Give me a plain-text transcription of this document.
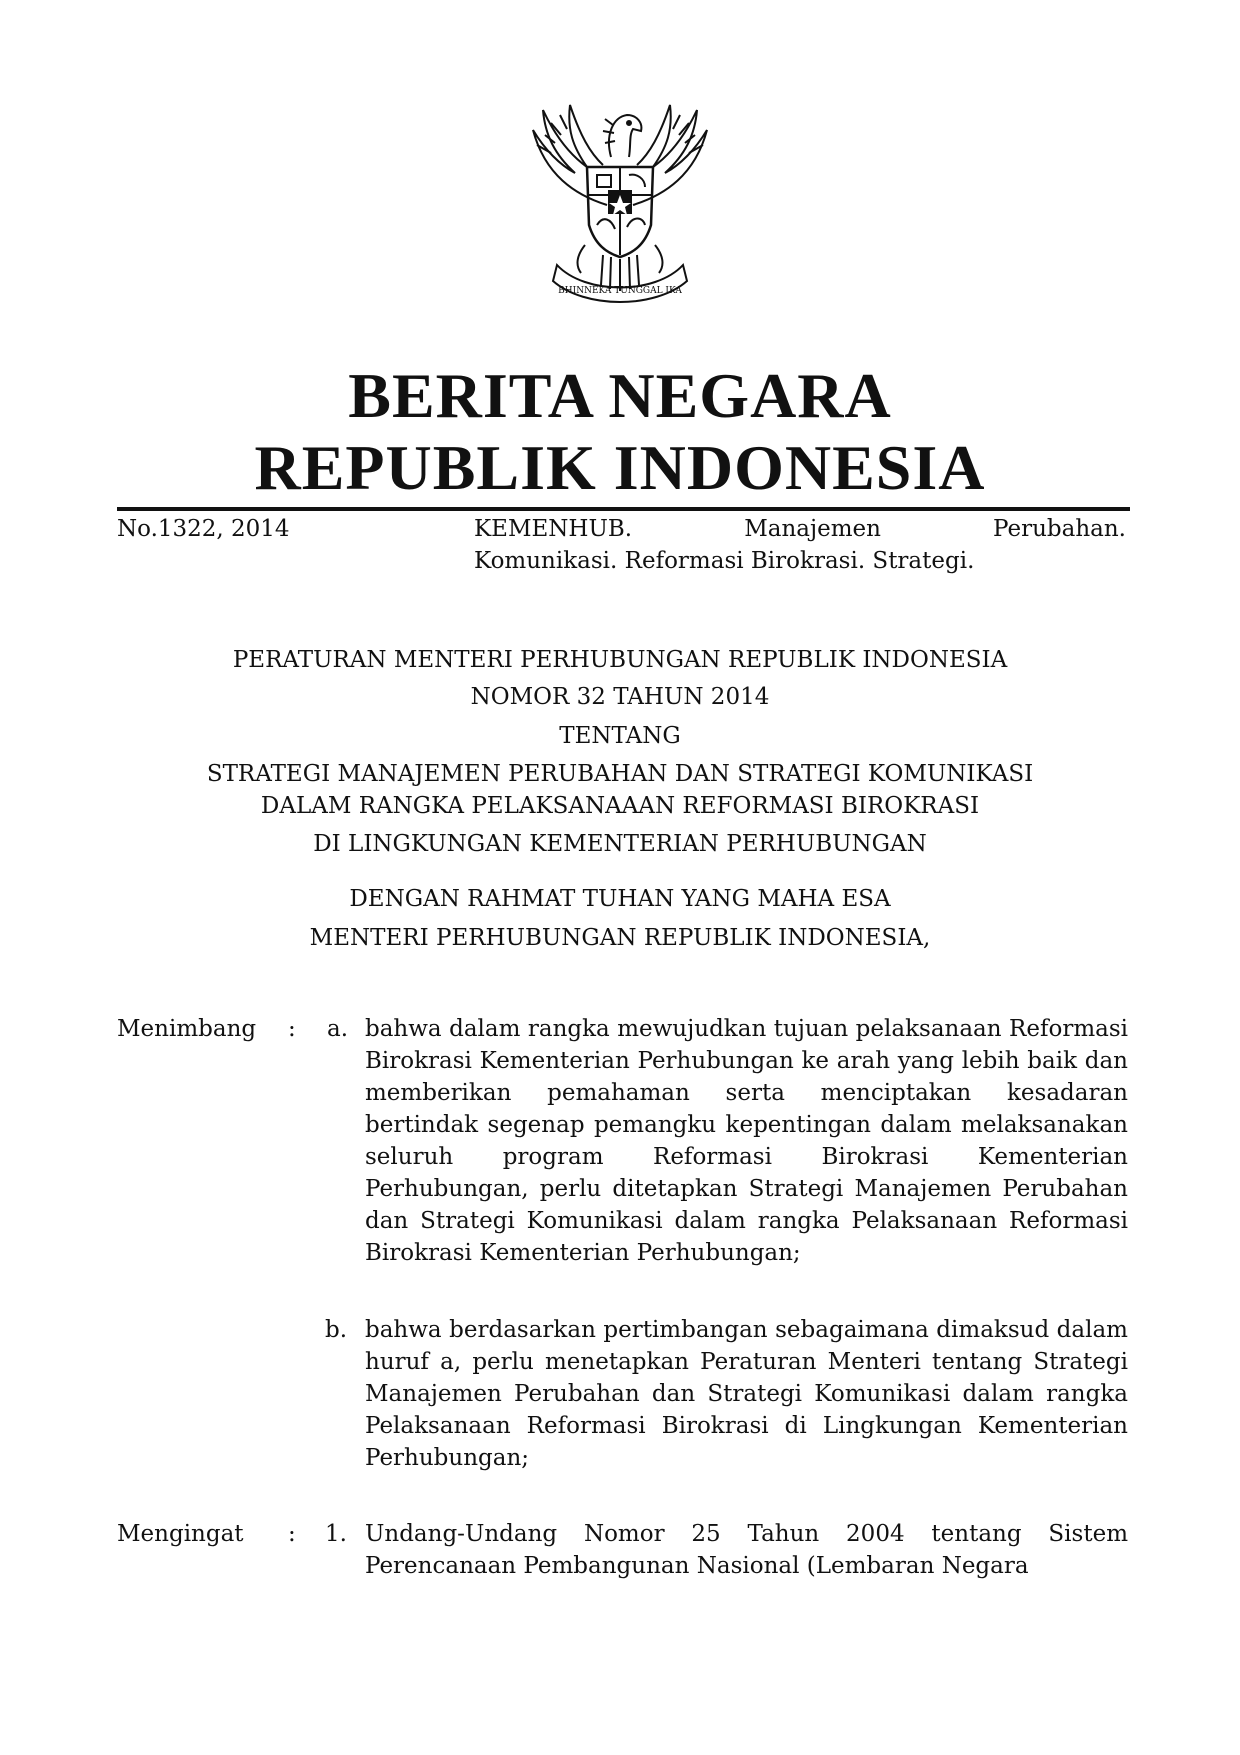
BHINNEKA TUNGGAL IKA
BERITA NEGARA
REPUBLIK INDONESIA
No.1322, 2014	KEMENHUB.	Manajemen	Perubahan.
Komunikasi. Reformasi Birokrasi. Strategi.
PERATURAN MENTERI PERHUBUNGAN REPUBLIK INDONESIA
NOMOR 32 TAHUN 2014
TENTANG
STRATEGI MANAJEMEN PERUBAHAN DAN STRATEGI KOMUNIKASI
DALAM RANGKA PELAKSANAAAN REFORMASI BIROKRASI
DI LINGKUNGAN KEMENTERIAN PERHUBUNGAN
DENGAN RAHMAT TUHAN YANG MAHA ESA
MENTERI PERHUBUNGAN REPUBLIK INDONESIA,
Menimbang : a. bahwa dalam rangka mewujudkan tujuan pelaksanaan Reformasi Birokrasi Kementerian Perhubungan ke arah yang lebih baik dan memberikan pemahaman serta menciptakan kesadaran bertindak segenap pemangku kepentingan dalam melaksanakan seluruh program Reformasi Birokrasi Kementerian Perhubungan, perlu ditetapkan Strategi Manajemen Perubahan dan Strategi Komunikasi dalam rangka Pelaksanaan Reformasi Birokrasi Kementerian Perhubungan;
b. bahwa berdasarkan pertimbangan sebagaimana dimaksud dalam huruf a, perlu menetapkan Peraturan Menteri tentang Strategi Manajemen Perubahan dan Strategi Komunikasi dalam rangka Pelaksanaan Reformasi Birokrasi di Lingkungan Kementerian Perhubungan;
Mengingat : 1. Undang-Undang Nomor 25 Tahun 2004 tentang Sistem Perencanaan Pembangunan Nasional (Lembaran Negara
